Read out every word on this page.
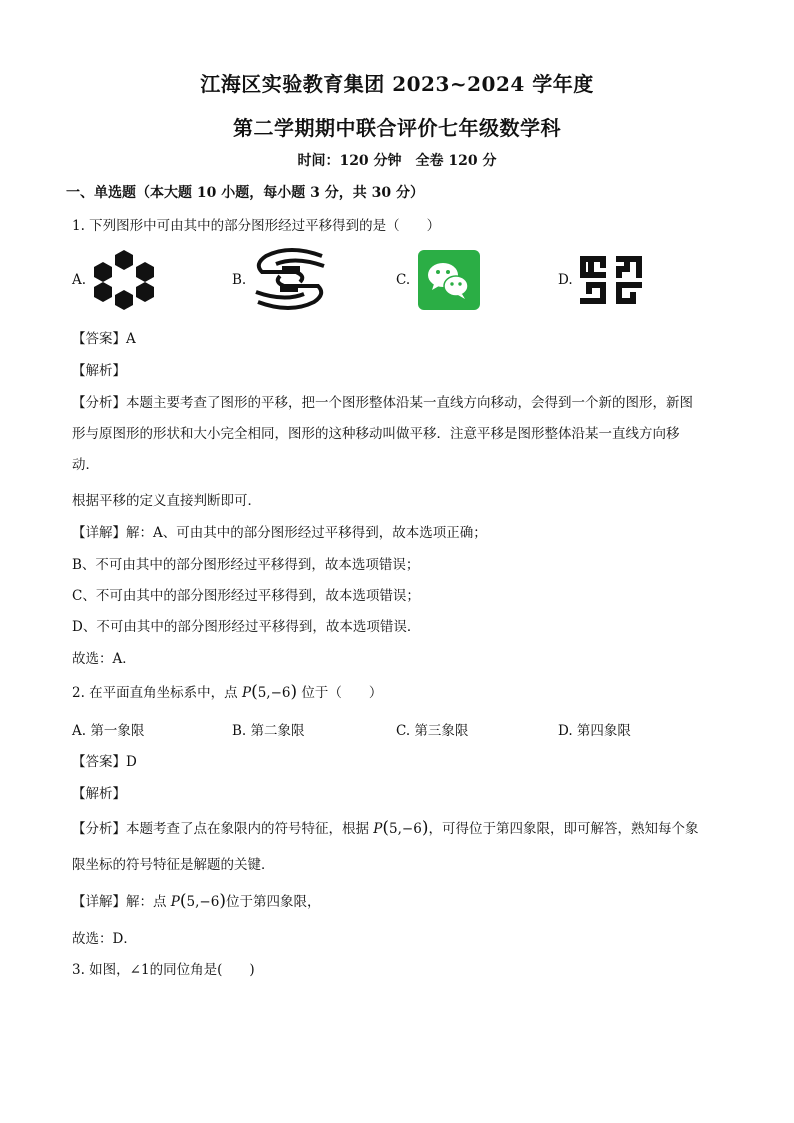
江海区实验教育集团 2023~2024 学年度
第二学期期中联合评价七年级数学科
时间：120 分钟　全卷 120 分
一、单选题（本大题 10 小题，每小题 3 分，共 30 分）
1. 下列图形中可由其中的部分图形经过平移得到的是（　　）
A.	B.	C.	D.
【答案】A
【解析】
【分析】本题主要考查了图形的平移，把一个图形整体沿某一直线方向移动，会得到一个新的图形，新图
形与原图形的形状和大小完全相同，图形的这种移动叫做平移．注意平移是图形整体沿某一直线方向移
动．
根据平移的定义直接判断即可．
【详解】解：A、可由其中的部分图形经过平移得到，故本选项正确；
B、不可由其中的部分图形经过平移得到，故本选项错误；
C、不可由其中的部分图形经过平移得到，故本选项错误；
D、不可由其中的部分图形经过平移得到，故本选项错误．
故选：A．
2. 在平面直角坐标系中，点 P(5,−6) 位于（　　）
A. 第一象限	B. 第二象限	C. 第三象限	D. 第四象限
【答案】D
【解析】
【分析】本题考查了点在象限内的符号特征，根据 P(5,−6)，可得位于第四象限，即可解答，熟知每个象
限坐标的符号特征是解题的关键．
【详解】解：点 P(5,−6)位于第四象限，
故选：D．
3. 如图，∠1的同位角是(　　)
